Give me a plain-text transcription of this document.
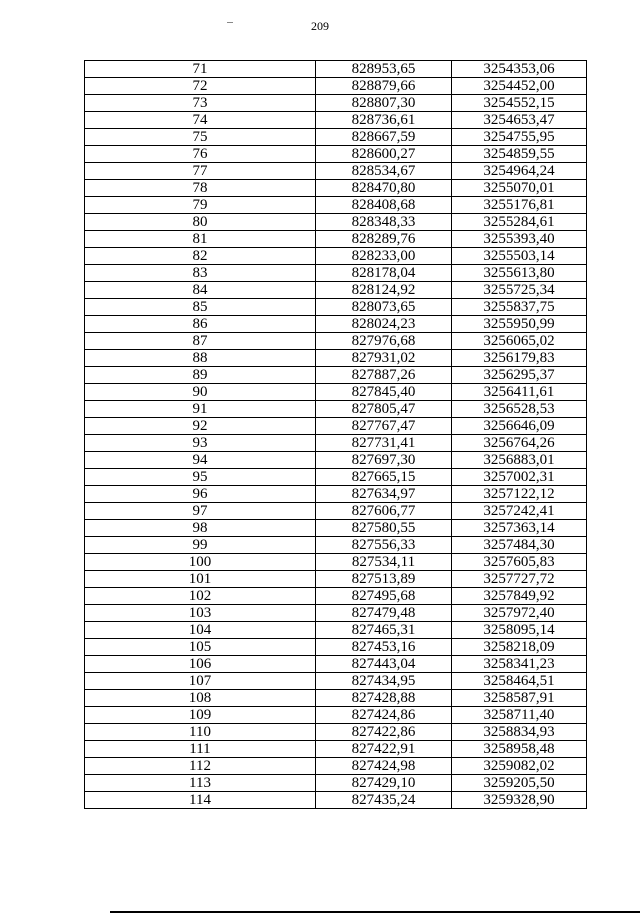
209
71	828953,65	3254353,06
72	828879,66	3254452,00
73	828807,30	3254552,15
74	828736,61	3254653,47
75	828667,59	3254755,95
76	828600,27	3254859,55
77	828534,67	3254964,24
78	828470,80	3255070,01
79	828408,68	3255176,81
80	828348,33	3255284,61
81	828289,76	3255393,40
82	828233,00	3255503,14
83	828178,04	3255613,80
84	828124,92	3255725,34
85	828073,65	3255837,75
86	828024,23	3255950,99
87	827976,68	3256065,02
88	827931,02	3256179,83
89	827887,26	3256295,37
90	827845,40	3256411,61
91	827805,47	3256528,53
92	827767,47	3256646,09
93	827731,41	3256764,26
94	827697,30	3256883,01
95	827665,15	3257002,31
96	827634,97	3257122,12
97	827606,77	3257242,41
98	827580,55	3257363,14
99	827556,33	3257484,30
100	827534,11	3257605,83
101	827513,89	3257727,72
102	827495,68	3257849,92
103	827479,48	3257972,40
104	827465,31	3258095,14
105	827453,16	3258218,09
106	827443,04	3258341,23
107	827434,95	3258464,51
108	827428,88	3258587,91
109	827424,86	3258711,40
110	827422,86	3258834,93
111	827422,91	3258958,48
112	827424,98	3259082,02
113	827429,10	3259205,50
114	827435,24	3259328,90
